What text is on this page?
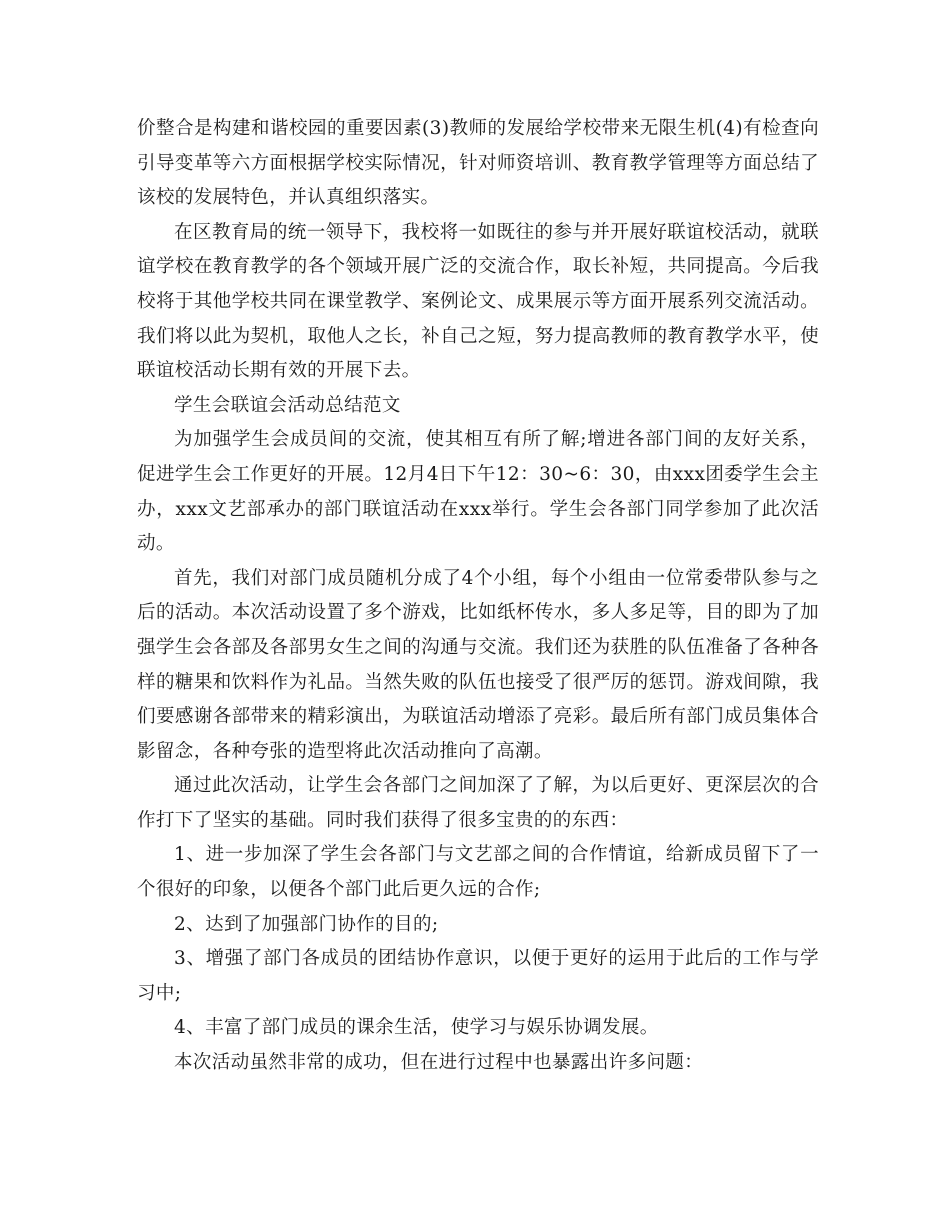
价整合是构建和谐校园的重要因素(3)教师的发展给学校带来无限生机(4)有检查向引导变革等六方面根据学校实际情况，针对师资培训、教育教学管理等方面总结了该校的发展特色，并认真组织落实。

在区教育局的统一领导下，我校将一如既往的参与并开展好联谊校活动，就联谊学校在教育教学的各个领域开展广泛的交流合作，取长补短，共同提高。今后我校将于其他学校共同在课堂教学、案例论文、成果展示等方面开展系列交流活动。我们将以此为契机，取他人之长，补自己之短，努力提高教师的教育教学水平，使联谊校活动长期有效的开展下去。

学生会联谊会活动总结范文

为加强学生会成员间的交流，使其相互有所了解;增进各部门间的友好关系，促进学生会工作更好的开展。12月4日下午12：30~6：30，由xxx团委学生会主办，xxx文艺部承办的部门联谊活动在xxx举行。学生会各部门同学参加了此次活动。

首先，我们对部门成员随机分成了4个小组，每个小组由一位常委带队参与之后的活动。本次活动设置了多个游戏，比如纸杯传水，多人多足等，目的即为了加强学生会各部及各部男女生之间的沟通与交流。我们还为获胜的队伍准备了各种各样的糖果和饮料作为礼品。当然失败的队伍也接受了很严厉的惩罚。游戏间隙，我们要感谢各部带来的精彩演出，为联谊活动增添了亮彩。最后所有部门成员集体合影留念，各种夸张的造型将此次活动推向了高潮。

通过此次活动，让学生会各部门之间加深了了解，为以后更好、更深层次的合作打下了坚实的基础。同时我们获得了很多宝贵的的东西：

1、进一步加深了学生会各部门与文艺部之间的合作情谊，给新成员留下了一个很好的印象，以便各个部门此后更久远的合作;

2、达到了加强部门协作的目的;

3、增强了部门各成员的团结协作意识，以便于更好的运用于此后的工作与学习中;

4、丰富了部门成员的课余生活，使学习与娱乐协调发展。

本次活动虽然非常的成功，但在进行过程中也暴露出许多问题：
